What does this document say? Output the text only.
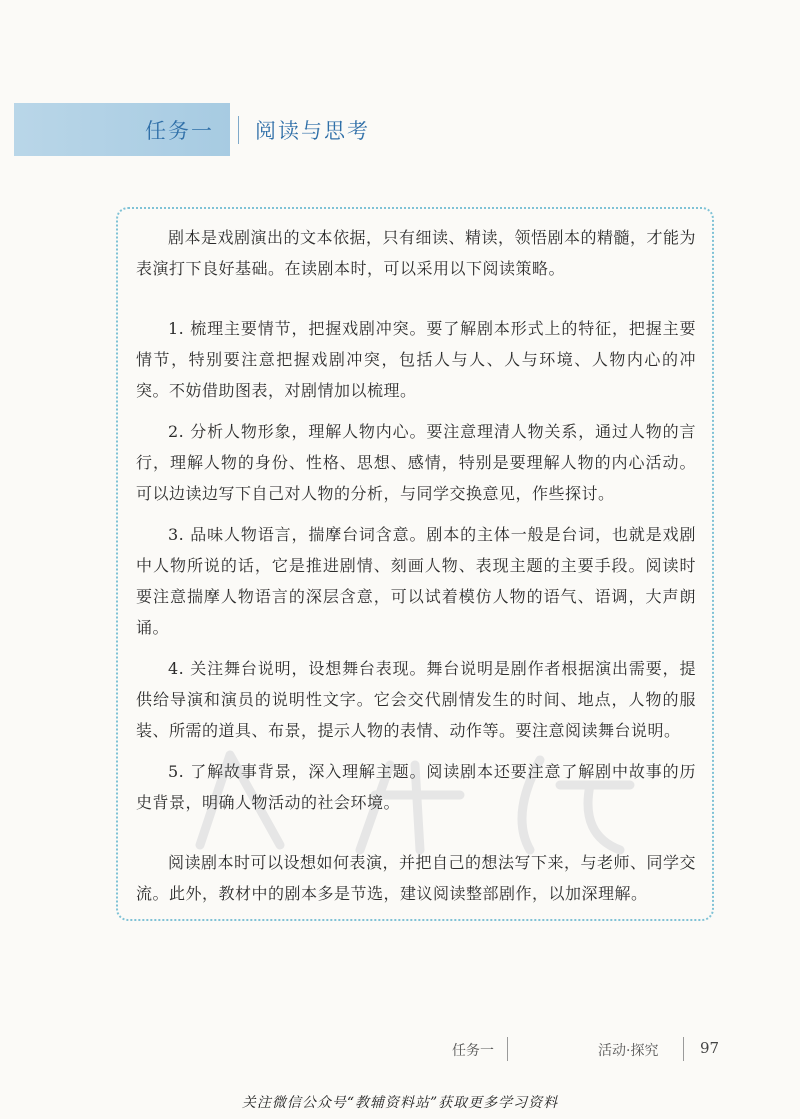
任务一 阅读与思考

剧本是戏剧演出的文本依据，只有细读、精读，领悟剧本的精髓，才能为表演打下良好基础。在读剧本时，可以采用以下阅读策略。

1. 梳理主要情节，把握戏剧冲突。要了解剧本形式上的特征，把握主要情节，特别要注意把握戏剧冲突，包括人与人、人与环境、人物内心的冲突。不妨借助图表，对剧情加以梳理。

2. 分析人物形象，理解人物内心。要注意理清人物关系，通过人物的言行，理解人物的身份、性格、思想、感情，特别是要理解人物的内心活动。可以边读边写下自己对人物的分析，与同学交换意见，作些探讨。

3. 品味人物语言，揣摩台词含意。剧本的主体一般是台词，也就是戏剧中人物所说的话，它是推进剧情、刻画人物、表现主题的主要手段。阅读时要注意揣摩人物语言的深层含意，可以试着模仿人物的语气、语调，大声朗诵。

4. 关注舞台说明，设想舞台表现。舞台说明是剧作者根据演出需要，提供给导演和演员的说明性文字。它会交代剧情发生的时间、地点，人物的服装、所需的道具、布景，提示人物的表情、动作等。要注意阅读舞台说明。

5. 了解故事背景，深入理解主题。阅读剧本还要注意了解剧中故事的历史背景，明确人物活动的社会环境。

阅读剧本时可以设想如何表演，并把自己的想法写下来，与老师、同学交流。此外，教材中的剧本多是节选，建议阅读整部剧作，以加深理解。

任务一	活动·探究	97
关注微信公众号“教辅资料站”获取更多学习资料
